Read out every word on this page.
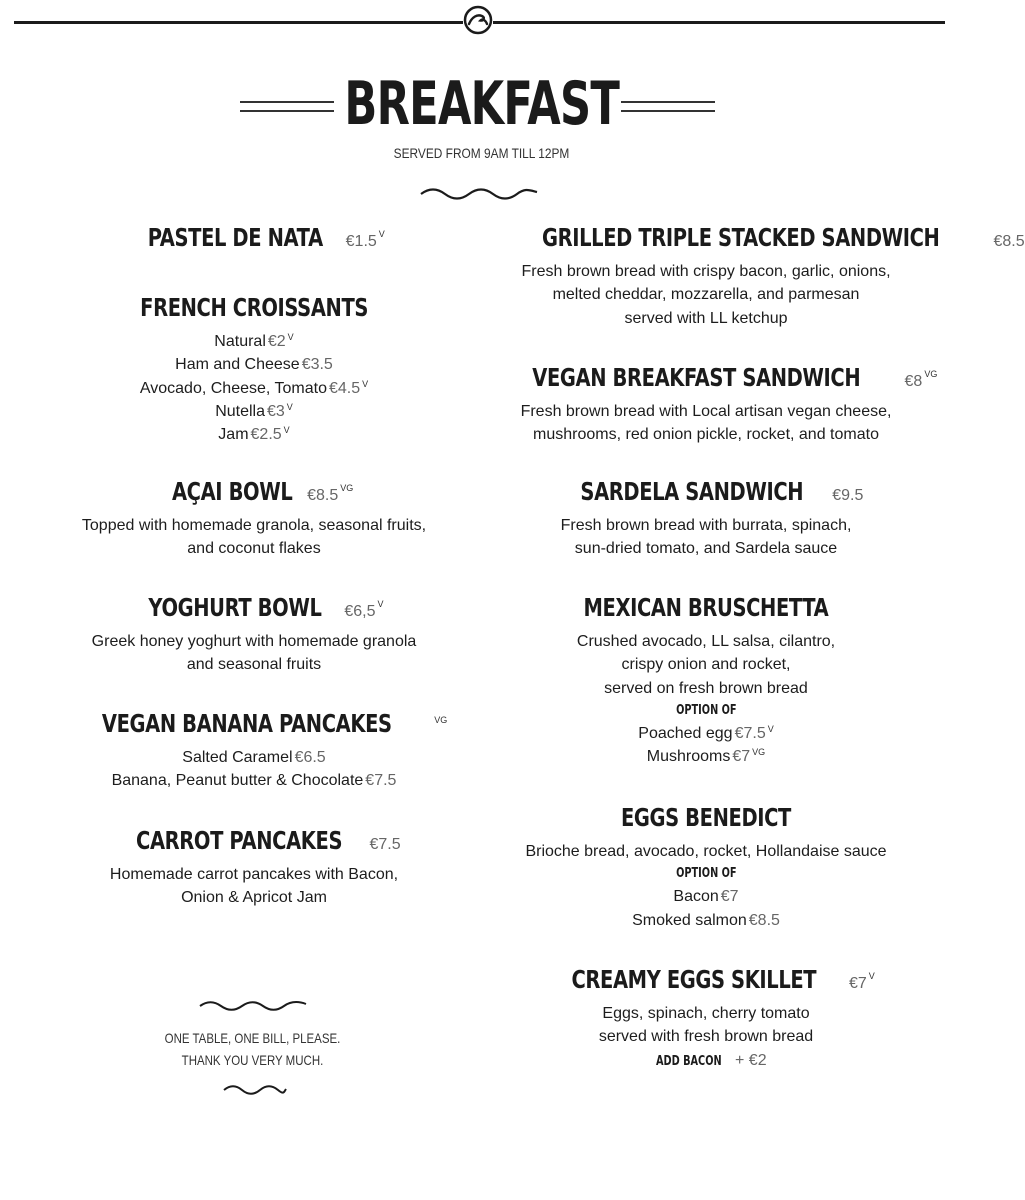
BREAKFAST
SERVED FROM 9AM TILL 12PM
ONE TABLE, ONE BILL, PLEASE.
THANK YOU VERY MUCH.
PASTEL DE NATA €1.5 $^V$
FRENCH CROISSANTS
Natural €2 $^V$
Ham and Cheese €3.5
Avocado, Cheese, Tomato €4.5 $^V$
Nutella €3 $^V$
Jam €2.5 $^V$
AÇAI BOWL €8.5 $^{VG}$
Topped with homemade granola, seasonal fruits,
and coconut flakes
YOGHURT BOWL €6,5 $^V$
Greek honey yoghurt with homemade granola
and seasonal fruits
VEGAN BANANA PANCAKES	$^{VG}$
Salted Caramel €6.5
Banana, Peanut butter & Chocolate €7.5
CARROT PANCAKES €7.5
Homemade carrot pancakes with Bacon,
Onion & Apricot Jam
GRILLED TRIPLE STACKED SANDWICH	€8.5
Fresh brown bread with crispy bacon, garlic, onions,
melted cheddar, mozzarella, and parmesan
served with LL ketchup
VEGAN BREAKFAST SANDWICH	€8 $^{VG}$
Fresh brown bread with Local artisan vegan cheese,
mushrooms, red onion pickle, rocket, and tomato
SARDELA SANDWICH €9.5
Fresh brown bread with burrata, spinach,
sun-dried tomato, and Sardela sauce
MEXICAN BRUSCHETTA
Crushed avocado, LL salsa, cilantro,
crispy onion and rocket,
served on fresh brown bread
OPTION OF
Poached egg €7.5 $^V$
Mushrooms €7 $^{VG}$
EGGS BENEDICT
Brioche bread, avocado, rocket, Hollandaise sauce
OPTION OF
Bacon €7
Smoked salmon €8.5
CREAMY EGGS SKILLET €7 $^V$
Eggs, spinach, cherry tomato
served with fresh brown bread
ADD BACON + €2
